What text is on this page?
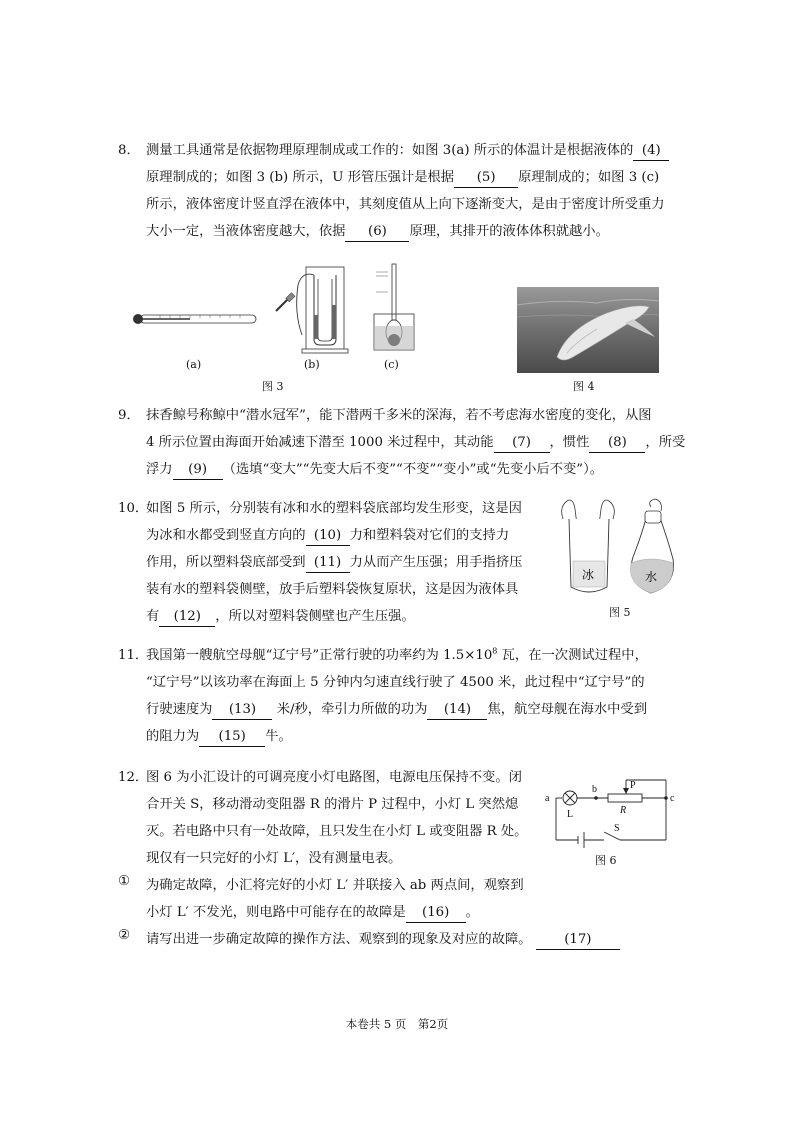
8． 测量工具通常是依据物理原理制成或工作的：如图 3(a) 所示的体温计是根据液体的 (4)
原理制成的；如图 3 (b) 所示，U 形管压强计是根据 (5) 原理制成的；如图 3 (c)
所示，液体密度计竖直浮在液体中，其刻度值从上向下逐渐变大，是由于密度计所受重力
大小一定，当液体密度越大，依据 (6) 原理，其排开的液体体积就越小。
(a)	(b)	(c)
图 3	图 4
9． 抹香鲸号称鲸中“潜水冠军”，能下潜两千多米的深海，若不考虑海水密度的变化，从图
4 所示位置由海面开始减速下潜至 1000 米过程中，其动能 (7) ，惯性 (8) ，所受
浮力 (9) （选填“变大”“先变大后不变”“不变”“变小”或“先变小后不变”）。
10．
如图 5 所示，分别装有冰和水的塑料袋底部均发生形变，这是因
为冰和水都受到竖直方向的 (10) 力和塑料袋对它们的支持力
作用，所以塑料袋底部受到 (11) 力从而产生压强；用手指挤压
装有水的塑料袋侧壁，放手后塑料袋恢复原状，这是因为液体具
有 (12) ，所以对塑料袋侧壁也产生压强。
冰	水
图 5
11．
我国第一艘航空母舰“辽宁号”正常行驶的功率约为 $1.5\times 10^8$ 瓦，在一次测试过程中，
“辽宁号”以该功率在海面上 5 分钟内匀速直线行驶了 4500 米，此过程中“辽宁号”的
行驶速度为 (13) 米/秒，牵引力所做的功为 (14) 焦，航空母舰在海水中受到
的阻力为 (15) 牛。
12．
图 6 为小汇设计的可调亮度小灯电路图，电源电压保持不变。闭
合开关 S，移动滑动变阻器 R 的滑片 P 过程中，小灯 L 突然熄
灭。若电路中只有一处故障，且只发生在小灯 L 或变阻器 R 处。
现仅有一只完好的小灯 L′，没有测量电表。
① 为确定故障，小汇将完好的小灯 L′ 并联接入 ab 两点间，观察到
小灯 L′ 不发光，则电路中可能存在的故障是 (16) 。
② 请写出进一步确定故障的操作方法、观察到的现象及对应的故障。 (17)
a
b
c
P
R
L
S
图 6
本卷共 5 页　第2页
